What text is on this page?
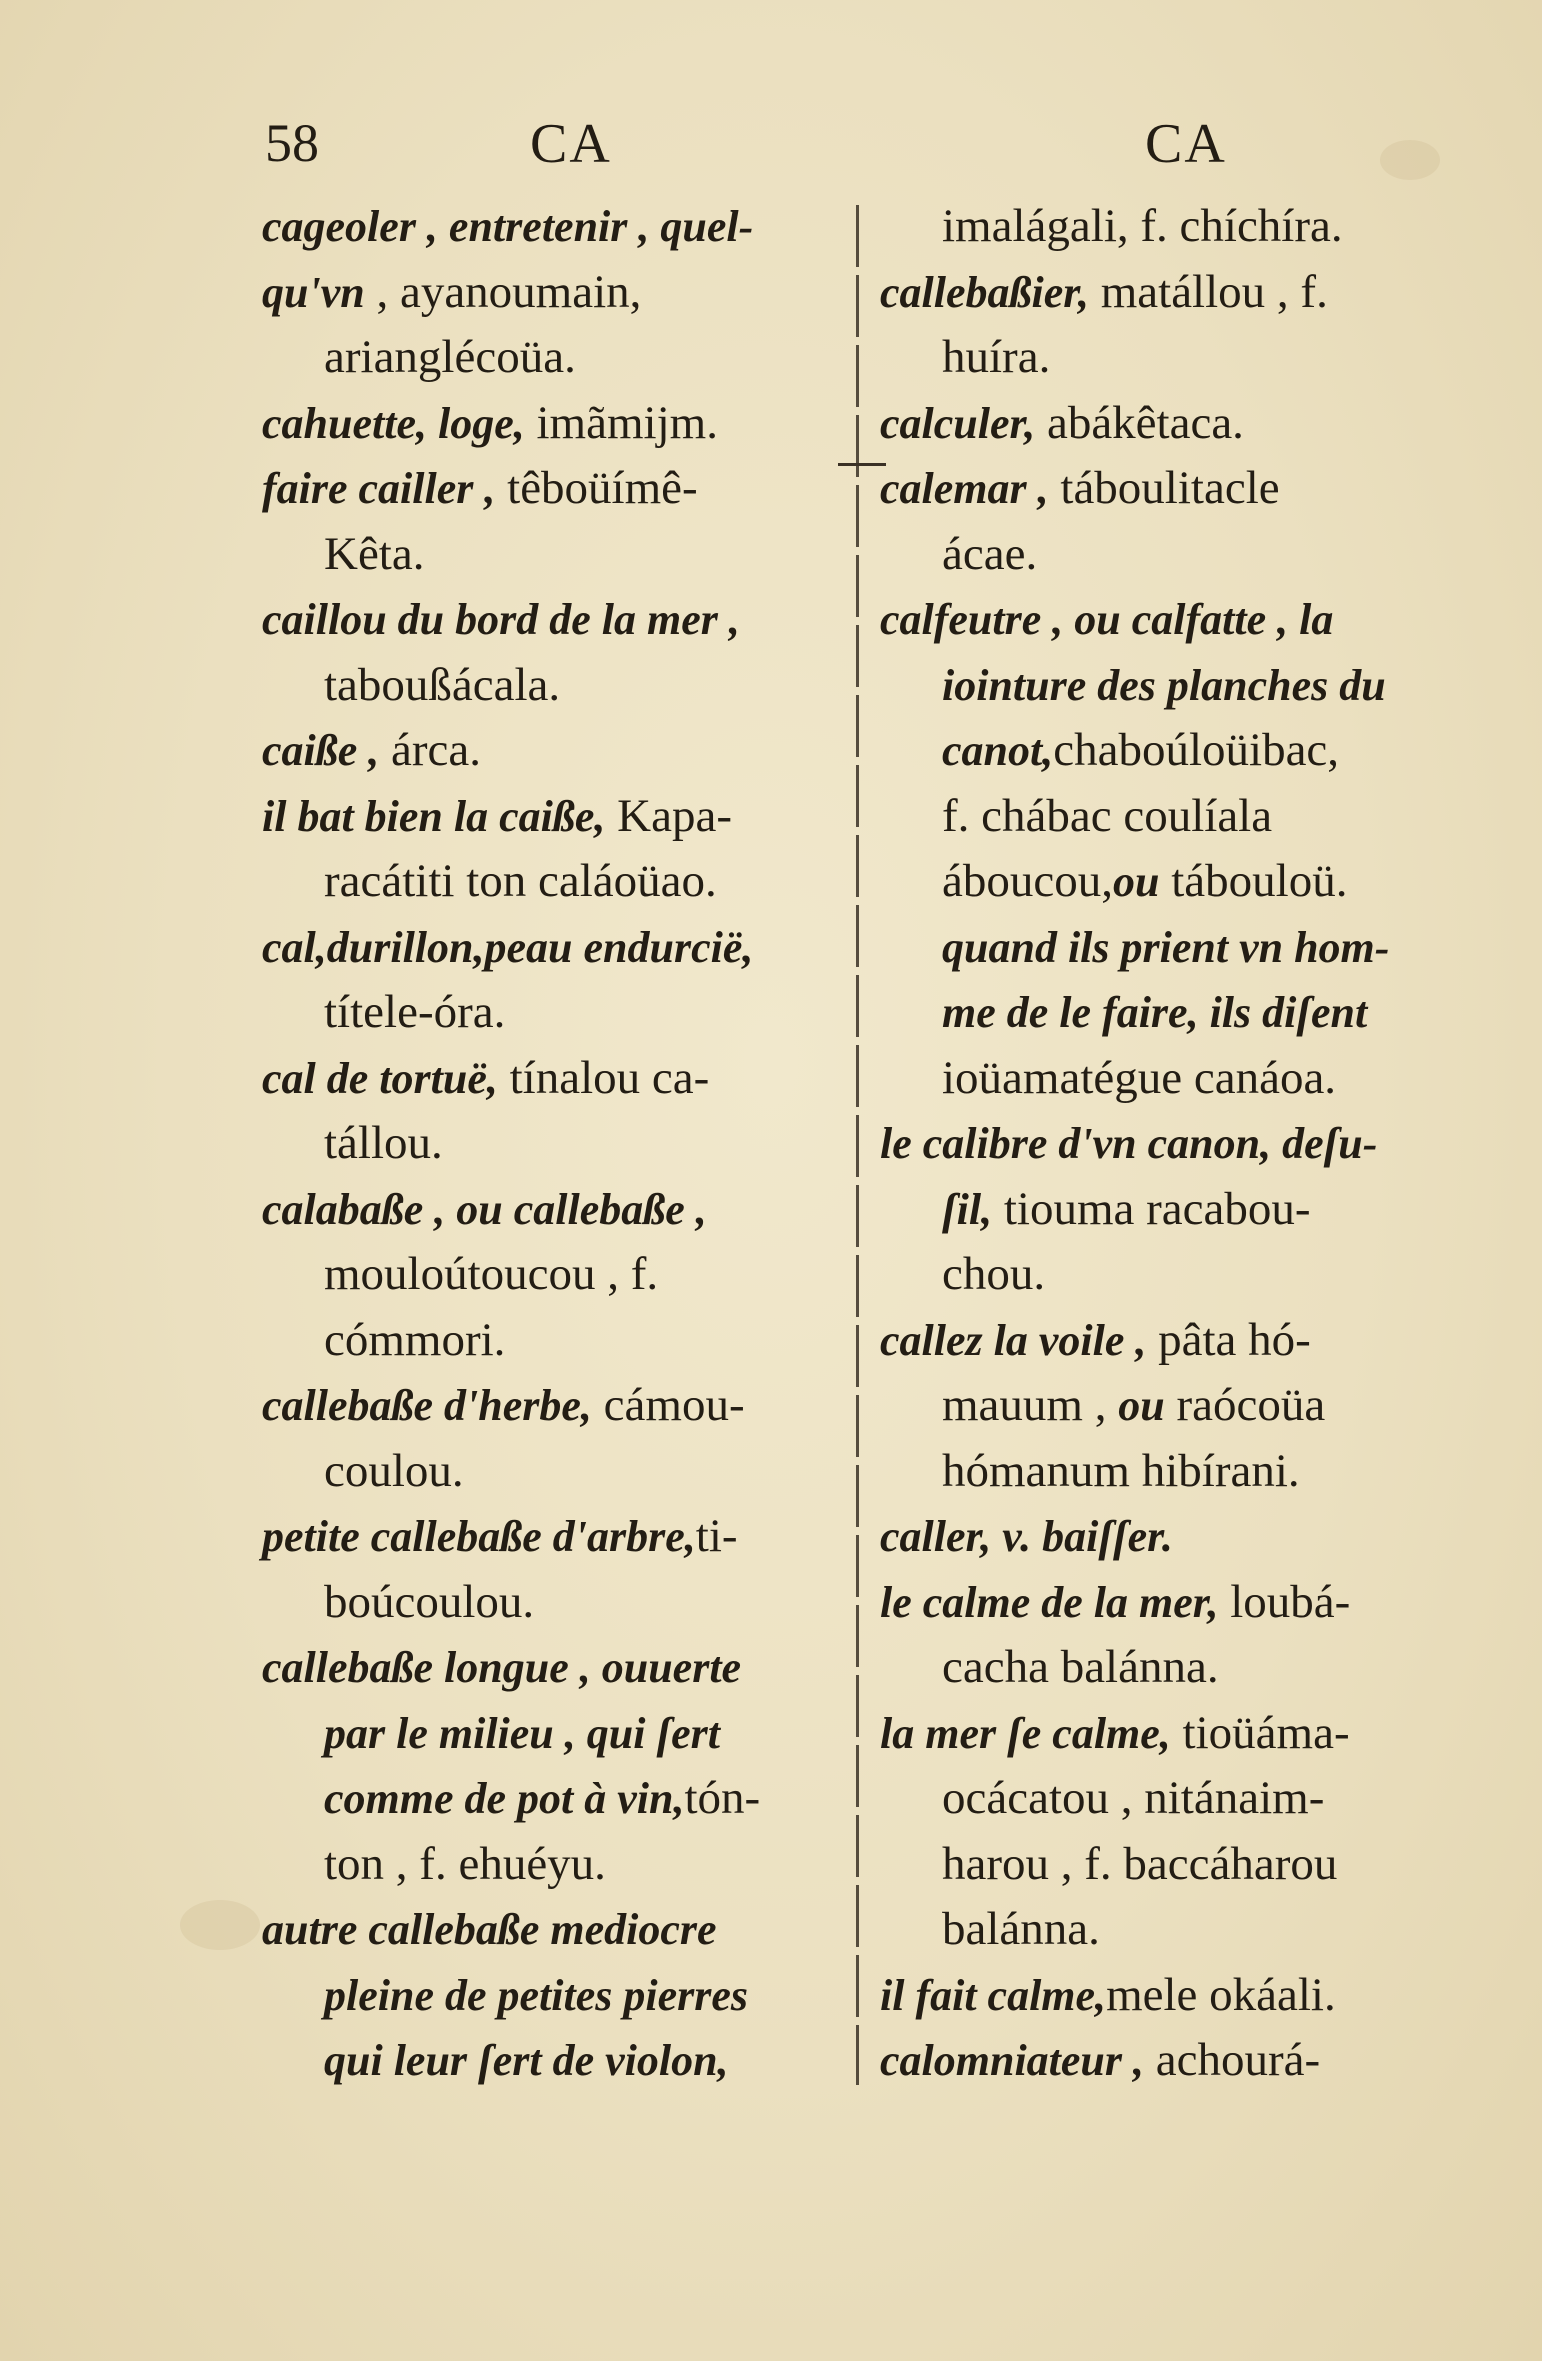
58	CA	CA
cageoler , entretenir , quel-
qu'vn , ayanoumain,
arianglécoüa.
cahuette, loge, imãmijm.
faire cailler , têboüímê-
Kêta.
caillou du bord de la mer ,
taboußácala.
caiße , árca.
il bat bien la caiße, Kapa-
racátiti ton caláoüao.
cal,durillon,peau endurcië,
títele-óra.
cal de tortuë, tínalou ca-
tállou.
calabaße , ou callebaße ,
mouloútoucou , f.
cómmori.
callebaße d'herbe, cámou-
coulou.
petite callebaße d'arbre,ti-
boúcoulou.
callebaße longue , ouuerte
par le milieu , qui ſert
comme de pot à vin,tón-
ton , f. ehuéyu.
autre callebaße mediocre
pleine de petites pierres
qui leur ſert de violon,
imalágali, f. chíchíra.
callebaßier, matállou , f.
huíra.
calculer, abákêtaca.
calemar , táboulitacle
ácae.
calfeutre , ou calfatte , la
iointure des planches du
canot,chaboúloüibac,
f. chábac coulíala
áboucou,ou tábouloü.
quand ils prient vn hom-
me de le faire, ils diſent
ioüamatégue canáoa.
le calibre d'vn canon, deſu-
ſil, tiouma racabou-
chou.
callez la voile , pâta hó-
mauum , ou raócoüa
hómanum hibírani.
caller, v. baiſſer.
le calme de la mer, loubá-
cacha balánna.
la mer ſe calme, tioüáma-
ocácatou , nitánaim-
harou , f. baccáharou
balánna.
il fait calme,mele okáali.
calomniateur , achourá-
